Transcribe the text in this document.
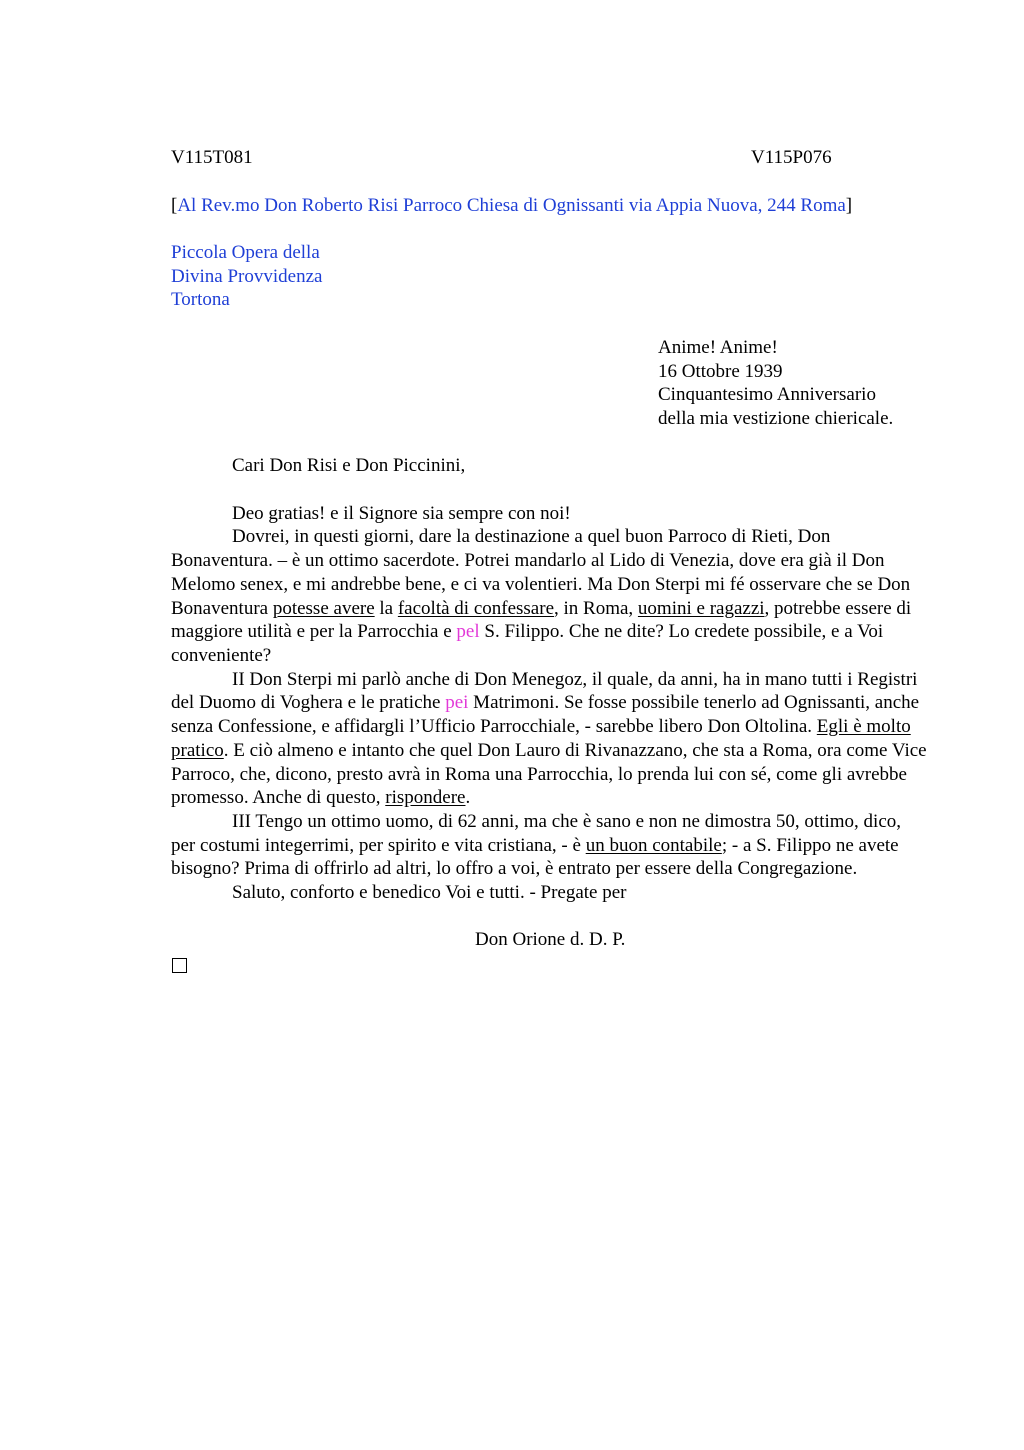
V115T081	V115P076
[Al Rev.mo Don Roberto Risi Parroco Chiesa di Ognissanti via Appia Nuova, 244 Roma]
Piccola Opera della
Divina Provvidenza
Tortona
Anime! Anime!
16 Ottobre 1939
Cinquantesimo Anniversario
della mia vestizione chiericale.
Cari Don Risi e Don Piccinini,

Deo gratias! e il Signore sia sempre con noi!

Dovrei, in questi giorni, dare la destinazione a quel buon Parroco di Rieti, Don Bonaventura. – è un ottimo sacerdote. Potrei mandarlo al Lido di Venezia, dove era già il Don Melomo senex, e mi andrebbe bene, e ci va volentieri. Ma Don Sterpi mi fé osservare che se Don Bonaventura potesse avere la facoltà di confessare, in Roma, uomini e ragazzi, potrebbe essere di maggiore utilità e per la Parrocchia e pel S. Filippo. Che ne dite? Lo credete possibile, e a Voi conveniente?

II Don Sterpi mi parlò anche di Don Menegoz, il quale, da anni, ha in mano tutti i Registri del Duomo di Voghera e le pratiche pei Matrimoni. Se fosse possibile tenerlo ad Ognissanti, anche senza Confessione, e affidargli l’Ufficio Parrocchiale, - sarebbe libero Don Oltolina. Egli è molto pratico. E ciò almeno e intanto che quel Don Lauro di Rivanazzano, che sta a Roma, ora come Vice Parroco, che, dicono, presto avrà in Roma una Parrocchia, lo prenda lui con sé, come gli avrebbe promesso. Anche di questo, rispondere.

III Tengo un ottimo uomo, di 62 anni, ma che è sano e non ne dimostra 50, ottimo, dico, per costumi integerrimi, per spirito e vita cristiana, - è un buon contabile; - a S. Filippo ne avete bisogno? Prima di offrirlo ad altri, lo offro a voi, è entrato per essere della Congregazione.

Saluto, conforto e benedico Voi e tutti. - Pregate per

Don Orione d. D. P.
